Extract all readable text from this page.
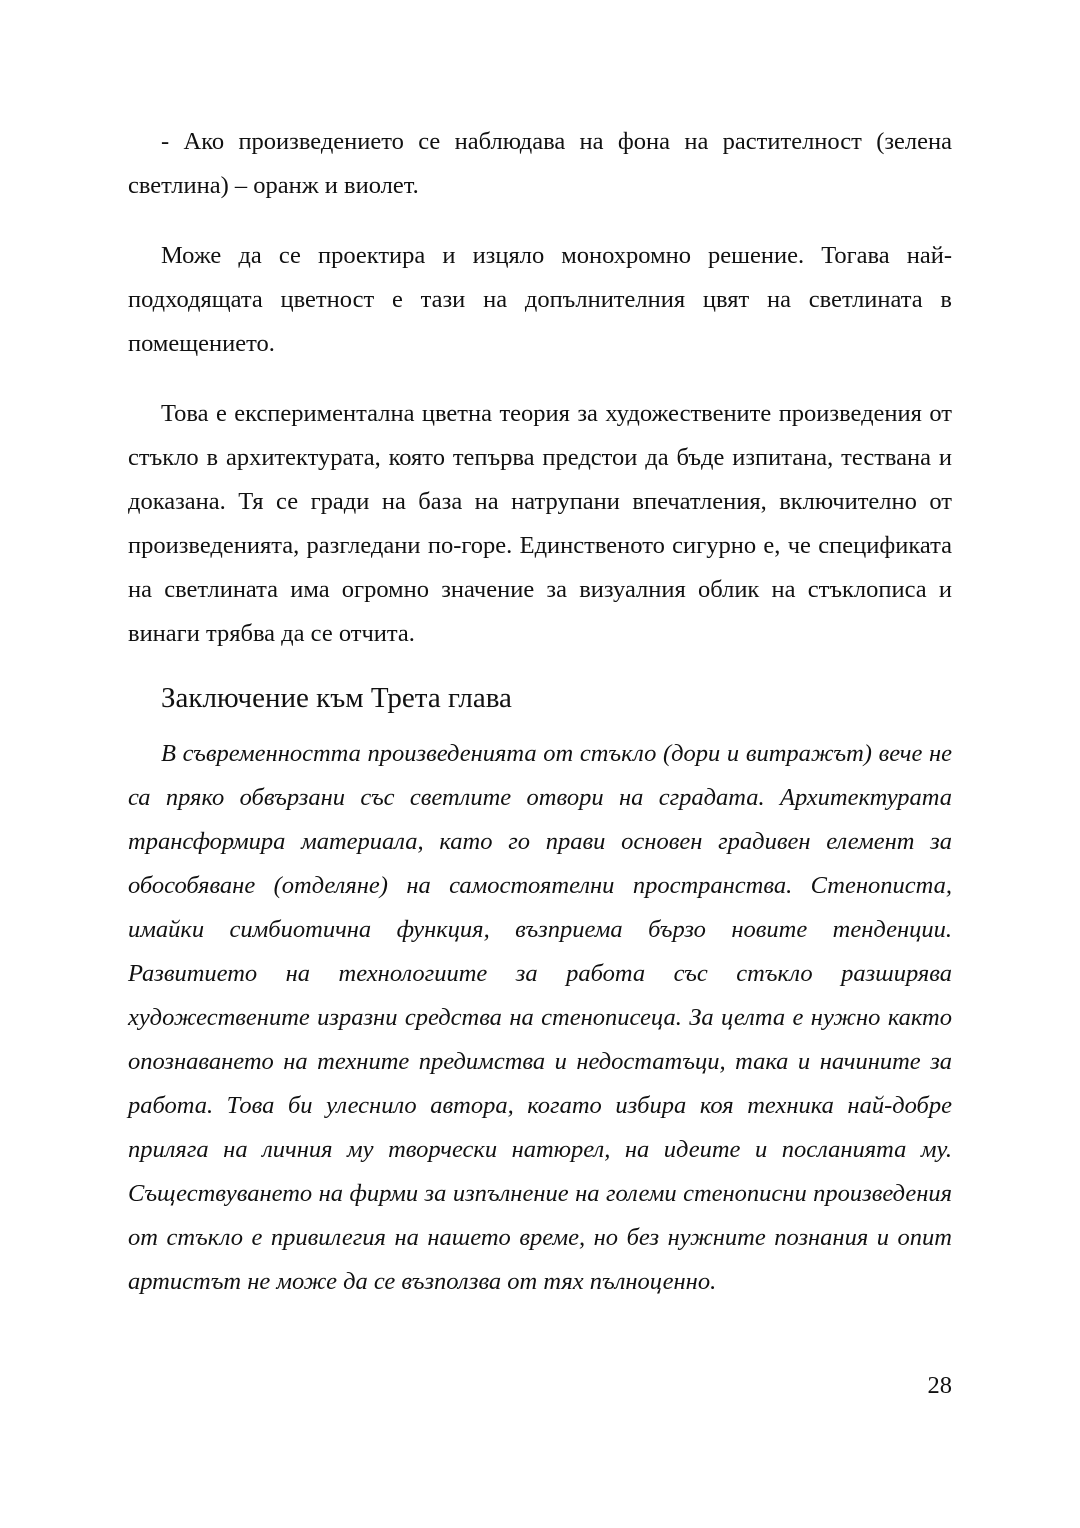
- Ако произведението се наблюдава на фона на растителност (зелена светлина) – оранж и виолет.

Може да се проектира и изцяло монохромно решение. Тогава най-подходящата цветност е тази на допълнителния цвят на светлината в помещението.

Това е експериментална цветна теория за художествените произведения от стъкло в архитектурата, която тепърва предстои да бъде изпитана, тествана и доказана. Тя се гради на база на натрупани впечатления, включително от произведенията, разгледани по-горе. Единственото сигурно е, че спецификата на светлината има огромно значение за визуалния облик на стъклописа и винаги трябва да се отчита.

Заключение към Трета глава

В съвременността произведенията от стъкло (дори и витражът) вече не са пряко обвързани със светлите отвори на сградата. Архитектурата трансформира материала, като го прави основен градивен елемент за обособяване (отделяне) на самостоятелни пространства. Стенописта, имайки симбиотична функция, възприема бързо новите тенденции. Развитието на технологиите за работа със стъкло разширява художествените изразни средства на стенописеца. За целта е нужно както опознаването на техните предимства и недостатъци, така и начините за работа. Това би улеснило автора, когато избира коя техника най-добре приляга на личния му творчески натюрел, на идеите и посланията му. Съществуването на фирми за изпълнение на големи стенописни произведения от стъкло е привилегия на нашето време, но без нужните познания и опит артистът не може да се възползва от тях пълноценно.

28
